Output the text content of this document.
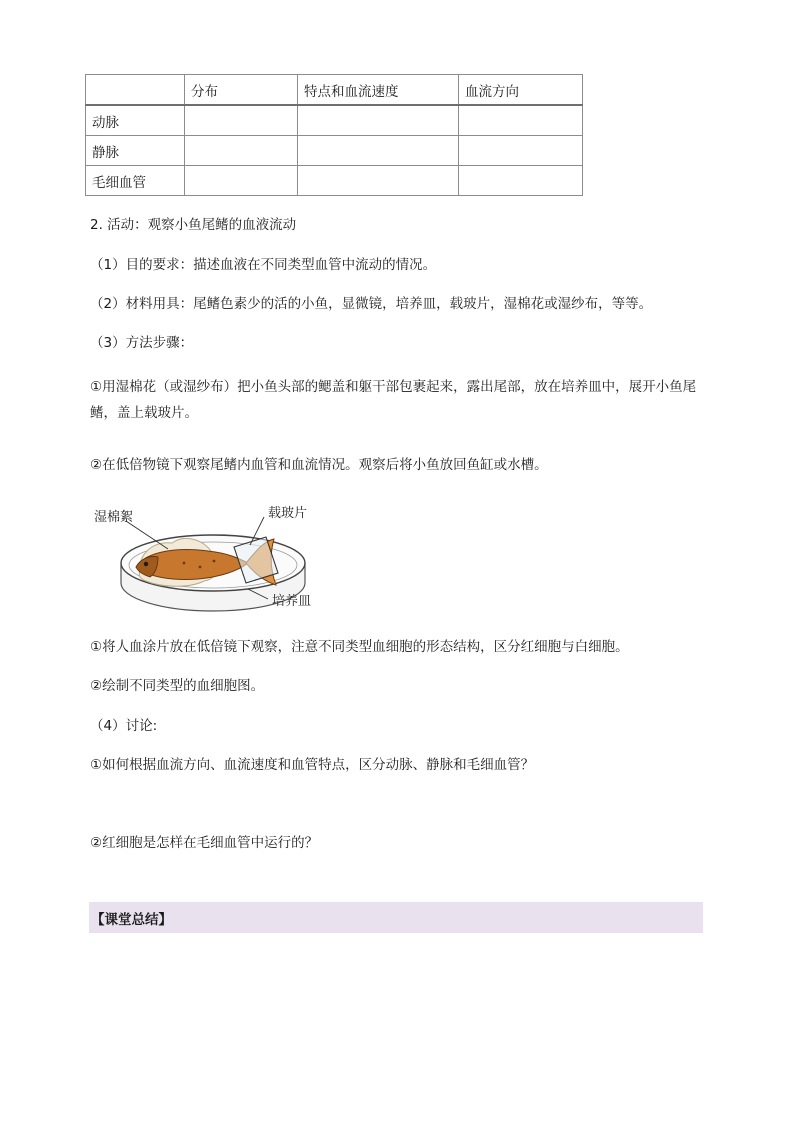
	分布	特点和血流速度	血流方向
动脉			
静脉			
毛细血管			
2. 活动：观察小鱼尾鳍的血液流动
（1）目的要求：描述血液在不同类型血管中流动的情况。
（2）材料用具：尾鳍色素少的活的小鱼，显微镜，培养皿，载玻片，湿棉花或湿纱布，等等。
（3）方法步骤：
①用湿棉花（或湿纱布）把小鱼头部的鳃盖和躯干部包裹起来，露出尾部，放在培养皿中，展开小鱼尾鳍，盖上载玻片。
②在低倍物镜下观察尾鳍内血管和血流情况。观察后将小鱼放回鱼缸或水槽。
湿棉絮	载玻片
培养皿
①将人血涂片放在低倍镜下观察，注意不同类型血细胞的形态结构，区分红细胞与白细胞。
②绘制不同类型的血细胞图。
（4）讨论:
①如何根据血流方向、血流速度和血管特点，区分动脉、静脉和毛细血管？
②红细胞是怎样在毛细血管中运行的？
【课堂总结】
